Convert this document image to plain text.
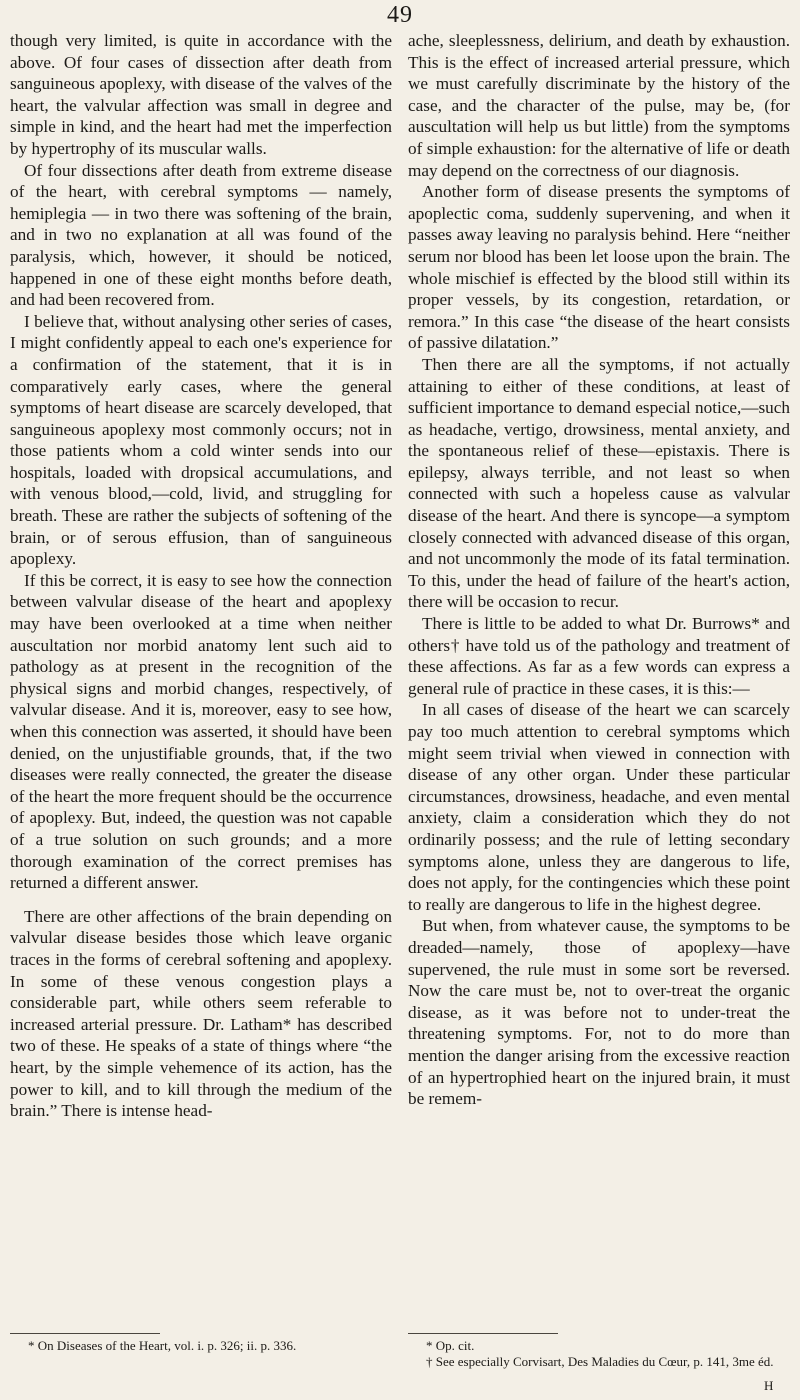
49

though very limited, is quite in accordance with the above. Of four cases of dissection after death from sanguineous apoplexy, with disease of the valves of the heart, the valvular affection was small in degree and simple in kind, and the heart had met the imperfection by hypertrophy of its muscular walls.

Of four dissections after death from extreme disease of the heart, with cerebral symptoms — namely, hemiplegia — in two there was softening of the brain, and in two no explanation at all was found of the paralysis, which, however, it should be noticed, happened in one of these eight months before death, and had been recovered from.

I believe that, without analysing other series of cases, I might confidently appeal to each one's experience for a confirmation of the statement, that it is in comparatively early cases, where the general symptoms of heart disease are scarcely developed, that sanguineous apoplexy most commonly occurs; not in those patients whom a cold winter sends into our hospitals, loaded with dropsical accumulations, and with venous blood,—cold, livid, and struggling for breath. These are rather the subjects of softening of the brain, or of serous effusion, than of sanguineous apoplexy.

If this be correct, it is easy to see how the connection between valvular disease of the heart and apoplexy may have been overlooked at a time when neither auscultation nor morbid anatomy lent such aid to pathology as at present in the recognition of the physical signs and morbid changes, respectively, of valvular disease. And it is, moreover, easy to see how, when this connection was asserted, it should have been denied, on the unjustifiable grounds, that, if the two diseases were really connected, the greater the disease of the heart the more frequent should be the occurrence of apoplexy. But, indeed, the question was not capable of a true solution on such grounds; and a more thorough examination of the correct premises has returned a different answer.

There are other affections of the brain depending on valvular disease besides those which leave organic traces in the forms of cerebral softening and apoplexy. In some of these venous congestion plays a considerable part, while others seem referable to increased arterial pressure. Dr. Latham* has described two of these. He speaks of a state of things where “the heart, by the simple vehemence of its action, has the power to kill, and to kill through the medium of the brain.” There is intense head-

ache, sleeplessness, delirium, and death by exhaustion. This is the effect of increased arterial pressure, which we must carefully discriminate by the history of the case, and the character of the pulse, may be, (for auscultation will help us but little) from the symptoms of simple exhaustion: for the alternative of life or death may depend on the correctness of our diagnosis.

Another form of disease presents the symptoms of apoplectic coma, suddenly supervening, and when it passes away leaving no paralysis behind. Here “neither serum nor blood has been let loose upon the brain. The whole mischief is effected by the blood still within its proper vessels, by its congestion, retardation, or remora.” In this case “the disease of the heart consists of passive dilatation.”

Then there are all the symptoms, if not actually attaining to either of these conditions, at least of sufficient importance to demand especial notice,—such as headache, vertigo, drowsiness, mental anxiety, and the spontaneous relief of these—epistaxis. There is epilepsy, always terrible, and not least so when connected with such a hopeless cause as valvular disease of the heart. And there is syncope—a symptom closely connected with advanced disease of this organ, and not uncommonly the mode of its fatal termination. To this, under the head of failure of the heart's action, there will be occasion to recur.

There is little to be added to what Dr. Burrows* and others† have told us of the pathology and treatment of these affections. As far as a few words can express a general rule of practice in these cases, it is this:—

In all cases of disease of the heart we can scarcely pay too much attention to cerebral symptoms which might seem trivial when viewed in connection with disease of any other organ. Under these particular circumstances, drowsiness, headache, and even mental anxiety, claim a consideration which they do not ordinarily possess; and the rule of letting secondary symptoms alone, unless they are dangerous to life, does not apply, for the contingencies which these point to really are dangerous to life in the highest degree.

But when, from whatever cause, the symptoms to be dreaded—namely, those of apoplexy—have supervened, the rule must in some sort be reversed. Now the care must be, not to over-treat the organic disease, as it was before not to under-treat the threatening symptoms. For, not to do more than mention the danger arising from the excessive reaction of an hypertrophied heart on the injured brain, it must be remem-

* On Diseases of the Heart, vol. i. p. 326; ii. p. 336.	* Op. cit.

† See especially Corvisart, Des Maladies du Cœur, p. 141, 3me éd.

H
